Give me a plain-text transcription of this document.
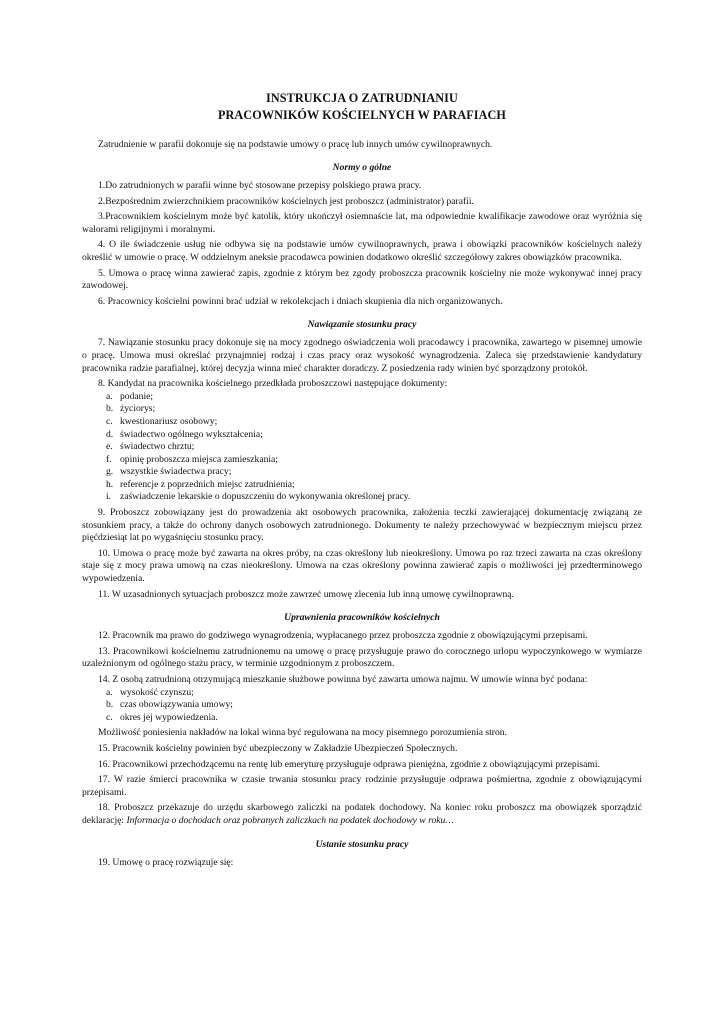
INSTRUKCJA O ZATRUDNIANIU
PRACOWNIKÓW KOŚCIELNYCH W PARAFIACH
Zatrudnienie w parafii dokonuje się na podstawie umowy o pracę lub innych umów cywilnoprawnych.
Normy o gólne

1.Do zatrudnionych w parafii winne być stosowane przepisy polskiego prawa pracy.

2.Bezpośrednim zwierzchnikiem pracowników kościelnych jest proboszcz (administrator) parafii.

3.Pracownikiem kościelnym może być katolik, który ukończył osiemnaście lat, ma odpowiednie kwalifikacje zawodowe oraz wyróżnia się walorami religijnymi i moralnymi.

4. O ile świadczenie usług nie odbywa się na podstawie umów cywilnoprawnych, prawa i obowiązki pracowników kościelnych należy określić w umowie o pracę. W oddzielnym aneksie pracodawca powinien dodatkowo określić szczegółowy zakres obowiązków pracownika.

5. Umowa o pracę winna zawierać zapis, zgodnie z którym bez zgody proboszcza pracownik kościelny nie może wykonywać innej pracy zawodowej.

6. Pracownicy kościelni powinni brać udział w rekolekcjach i dniach skupienia dla nich organizowanych.

Nawiązanie stosunku pracy

7. Nawiązanie stosunku pracy dokonuje się na mocy zgodnego oświadczenia woli pracodawcy i pracownika, zawartego w pisemnej umowie o pracę. Umowa musi określać przynajmniej rodzaj i czas pracy oraz wysokość wynagrodzenia. Zaleca się przedstawienie kandydatury pracownika radzie parafialnej, której decyzja winna mieć charakter doradczy. Z posiedzenia rady winien być sporządzony protokół.

8. Kandydat na pracownika kościelnego przedkłada proboszczowi następujące dokumenty:

a. podanie;
b. życiorys;
c. kwestionariusz osobowy;
d. świadectwo ogólnego wykształcenia;
e. świadectwo chrztu;
f. opinię proboszcza miejsca zamieszkania;
g. wszystkie świadectwa pracy;
h. referencje z poprzednich miejsc zatrudnienia;
i. zaświadczenie lekarskie o dopuszczeniu do wykonywania określonej pracy.

9. Proboszcz zobowiązany jest do prowadzenia akt osobowych pracownika, założenia teczki zawierającej dokumentację związaną ze stosunkiem pracy, a także do ochrony danych osobowych zatrudnionego. Dokumenty te należy przechowywać w bezpiecznym miejscu przez pięćdziesiąt lat po wygaśnięciu stosunku pracy.

10. Umowa o pracę może być zawarta na okres próby, na czas określony lub nieokreślony. Umowa po raz trzeci zawarta na czas określony staje się z mocy prawa umową na czas nieokreślony. Umowa na czas określony powinna zawierać zapis o możliwości jej przedterminowego wypowiedzenia.

11. W uzasadnionych sytuacjach proboszcz może zawrzeć umowę zlecenia lub inną umowę cywilnoprawną.

Uprawnienia pracowników kościelnych

12. Pracownik ma prawo do godziwego wynagrodzenia, wypłacanego przez proboszcza zgodnie z obowiązującymi przepisami.

13. Pracownikowi kościelnemu zatrudnionemu na umowę o pracę przysługuje prawo do corocznego urlopu wypoczynkowego w wymiarze uzależnionym od ogólnego stażu pracy, w terminie uzgodnionym z proboszczem.

14. Z osobą zatrudnioną otrzymującą mieszkanie służbowe powinna być zawarta umowa najmu. W umowie winna być podana:

a. wysokość czynszu;
b. czas obowiązywania umowy;
c. okres jej wypowiedzenia.

Możliwość poniesienia nakładów na lokal winna być regulowana na mocy pisemnego porozumienia stron.

15. Pracownik kościelny powinien być ubezpieczony w Zakładzie Ubezpieczeń Społecznych.

16. Pracownikowi przechodzącemu na rentę lub emeryturę przysługuje odprawa pieniężna, zgodnie z obowiązującymi przepisami.

17. W razie śmierci pracownika w czasie trwania stosunku pracy rodzinie przysługuje odprawa pośmiertna, zgodnie z obowiązującymi przepisami.

18. Proboszcz przekazuje do urzędu skarbowego zaliczki na podatek dochodowy. Na koniec roku proboszcz ma obowiązek sporządzić deklarację: Informacja o dochodach oraz pobranych zaliczkach na podatek dochodowy w roku…

Ustanie stosunku pracy

19. Umowę o pracę rozwiązuje się:
